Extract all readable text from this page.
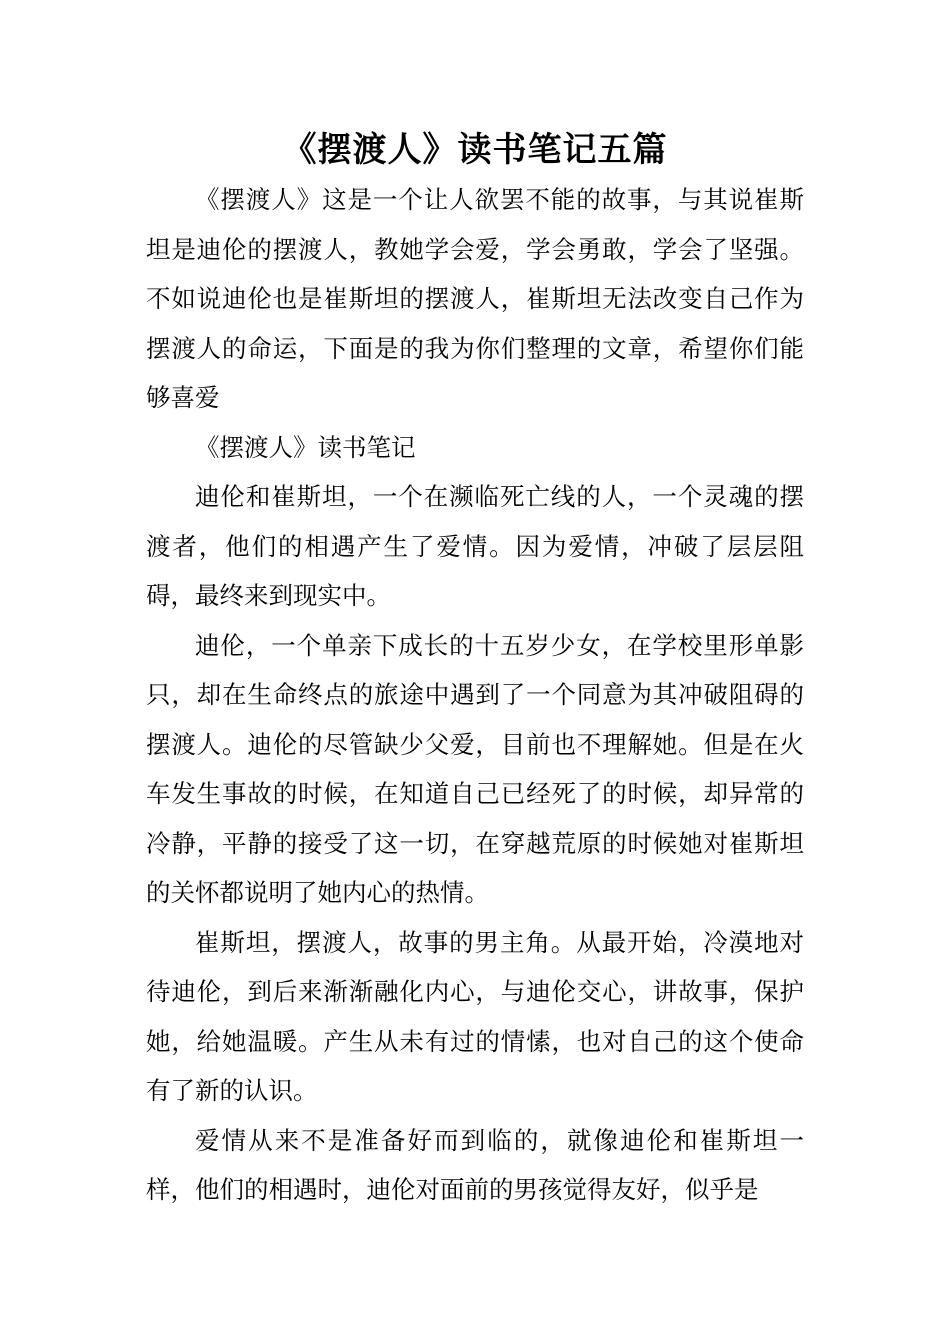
《摆渡人》读书笔记五篇

《摆渡人》这是一个让人欲罢不能的故事，与其说崔斯坦是迪伦的摆渡人，教她学会爱，学会勇敢，学会了坚强。不如说迪伦也是崔斯坦的摆渡人，崔斯坦无法改变自己作为摆渡人的命运，下面是的我为你们整理的文章，希望你们能够喜爱

《摆渡人》读书笔记

迪伦和崔斯坦，一个在濒临死亡线的人，一个灵魂的摆渡者，他们的相遇产生了爱情。因为爱情，冲破了层层阻碍，最终来到现实中。

迪伦，一个单亲下成长的十五岁少女，在学校里形单影只，却在生命终点的旅途中遇到了一个同意为其冲破阻碍的摆渡人。迪伦的尽管缺少父爱，目前也不理解她。但是在火车发生事故的时候，在知道自己已经死了的时候，却异常的冷静，平静的接受了这一切，在穿越荒原的时候她对崔斯坦的关怀都说明了她内心的热情。

崔斯坦，摆渡人，故事的男主角。从最开始，冷漠地对待迪伦，到后来渐渐融化内心，与迪伦交心，讲故事，保护她，给她温暖。产生从未有过的情愫，也对自己的这个使命有了新的认识。

爱情从来不是准备好而到临的，就像迪伦和崔斯坦一样，他们的相遇时，迪伦对面前的男孩觉得友好，似乎是
